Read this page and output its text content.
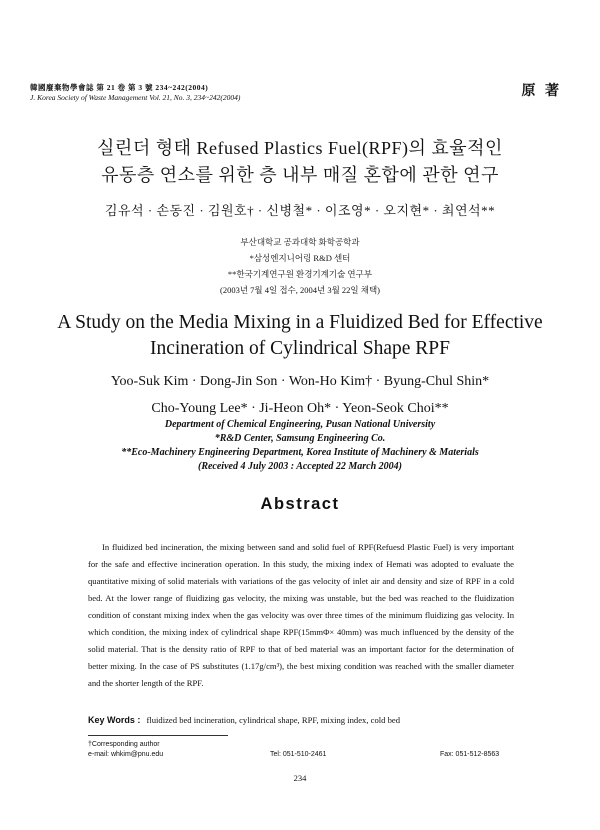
韓國廢棄物學會誌 第 21 卷 第 3 號 234~242(2004)
J. Korea Society of Waste Management Vol. 21, No. 3, 234~242(2004)	原 著
실린더 형태 Refused Plastics Fuel(RPF)의 효율적인
유동층 연소를 위한 층 내부 매질 혼합에 관한 연구
김유석 · 손동진 · 김원호† · 신병철* · 이조영* · 오지현* · 최연석**
부산대학교 공과대학 화학공학과
*삼성엔지니어링 R&D 센터
**한국기계연구원 환경기계기술 연구부
(2003년 7월 4일 접수, 2004년 3월 22일 채택)
A Study on the Media Mixing in a Fluidized Bed for Effective
Incineration of Cylindrical Shape RPF
Yoo-Suk Kim · Dong-Jin Son · Won-Ho Kim† · Byung-Chul Shin*
Cho-Young Lee* · Ji-Heon Oh* · Yeon-Seok Choi**
Department of Chemical Engineering, Pusan National University
*R&D Center, Samsung Engineering Co.
**Eco-Machinery Engineering Department, Korea Institute of Machinery & Materials
(Received 4 July 2003 : Accepted 22 March 2004)
Abstract
In fluidized bed incineration, the mixing between sand and solid fuel of RPF(Refuesd Plastic Fuel) is very important for the safe and effective incineration operation. In this study, the mixing index of Hemati was adopted to evaluate the quantitative mixing of solid materials with variations of the gas velocity of inlet air and density and size of RPF in a cold bed. At the lower range of fluidizing gas velocity, the mixing was unstable, but the bed was reached to the fluidization condition of constant mixing index when the gas velocity was over three times of the minimum fluidizing gas velocity. In which condition, the mixing index of cylindrical shape RPF(15mmΦ× 40mm) was much influenced by the density of the solid material. That is the density ratio of RPF to that of bed material was an important factor for the determination of better mixing. In the case of PS substitutes (1.17g/cm³), the best mixing condition was reached with the smaller diameter and the shorter length of the RPF.
Key Words : fluidized bed incineration, cylindrical shape, RPF, mixing index, cold bed
†Corresponding author
e-mail: whkim@pnu.edu	Tel: 051-510-2461	Fax: 051-512-8563
234
